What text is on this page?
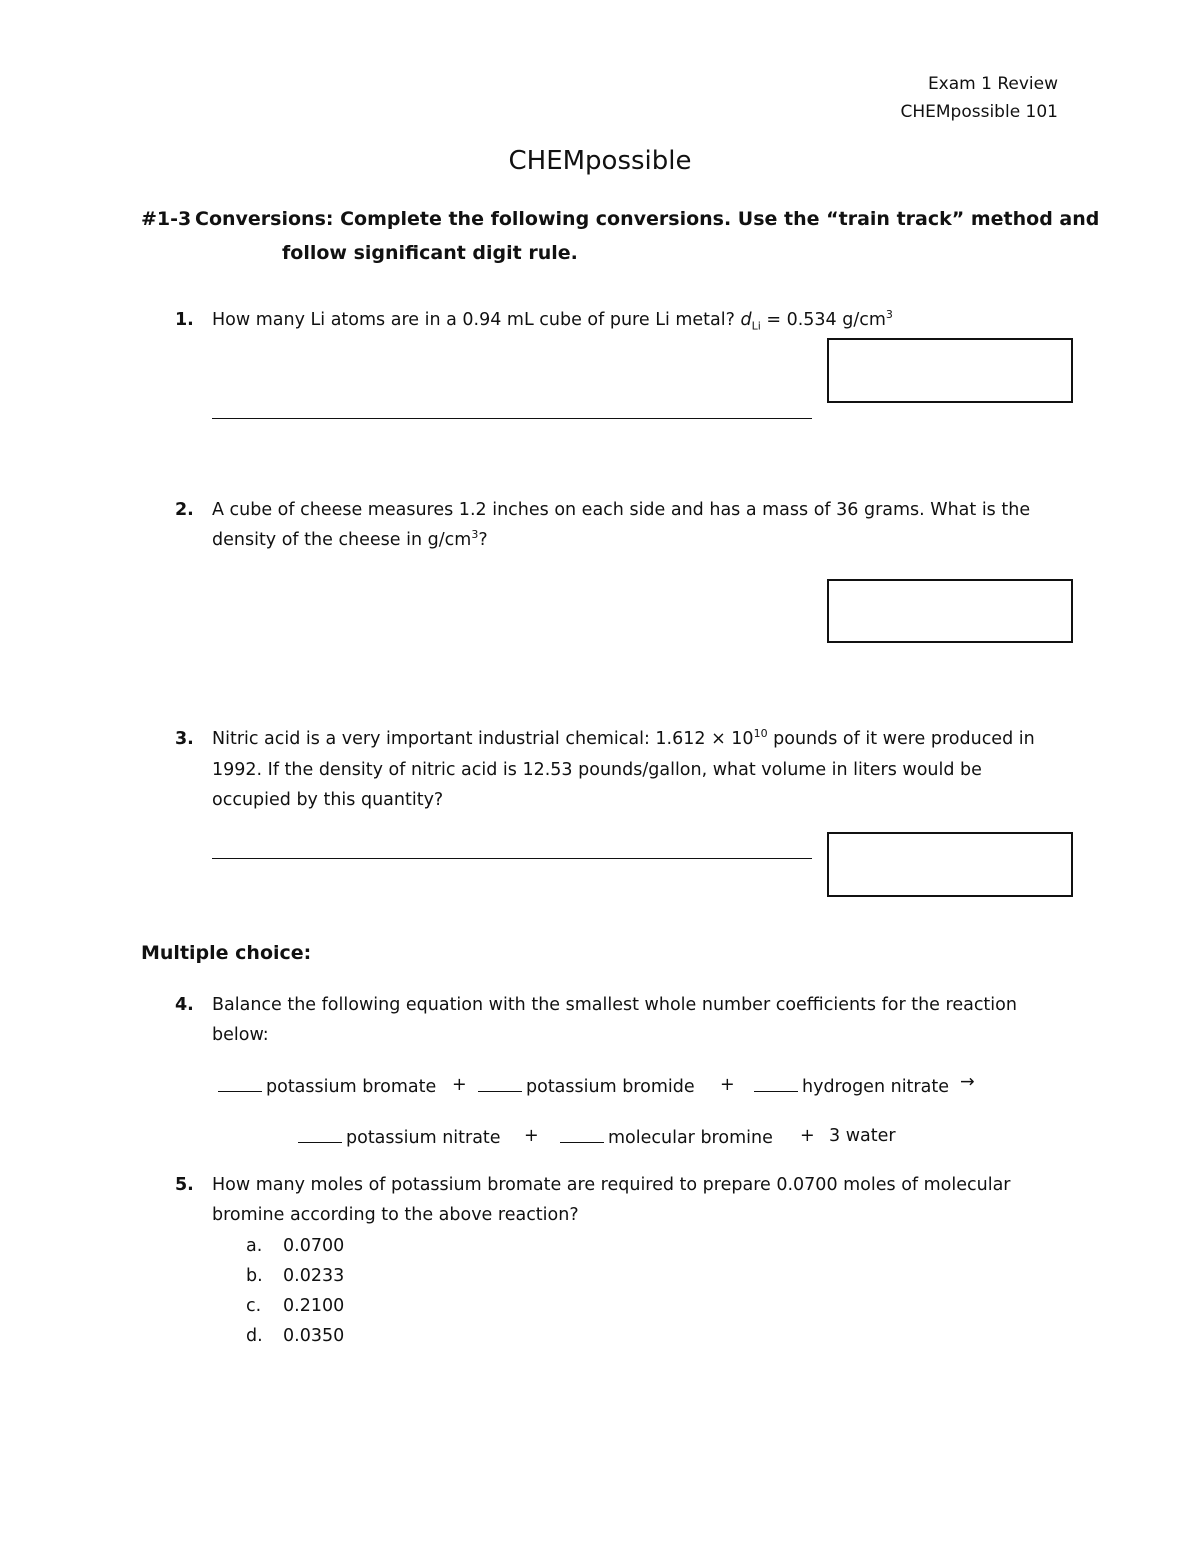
Exam 1 Review
CHEMpossible 101
CHEMpossible
#1-3 Conversions: Complete the following conversions. Use the “train track” method and
follow significant digit rule.
1. How many Li atoms are in a 0.94 mL cube of pure Li metal? $d_{Li} = 0.534$ $g/cm^3$
2. A cube of cheese measures 1.2 inches on each side and has a mass of 36 grams. What is the
density of the cheese in $g/cm^3$?
3. Nitric acid is a very important industrial chemical: $1.612 \times 10^{10}$ pounds of it were produced in
1992. If the density of nitric acid is 12.53 pounds/gallon, what volume in liters would be
occupied by this quantity?
Multiple choice:
4. Balance the following equation with the smallest whole number coefficients for the reaction
below:
potassium bromate +	potassium bromide +	hydrogen nitrate →
potassium nitrate +	molecular bromine + 3 water
5. How many moles of potassium bromate are required to prepare 0.0700 moles of molecular
bromine according to the above reaction?
a. 0.0700
b. 0.0233
c. 0.2100
d. 0.0350
